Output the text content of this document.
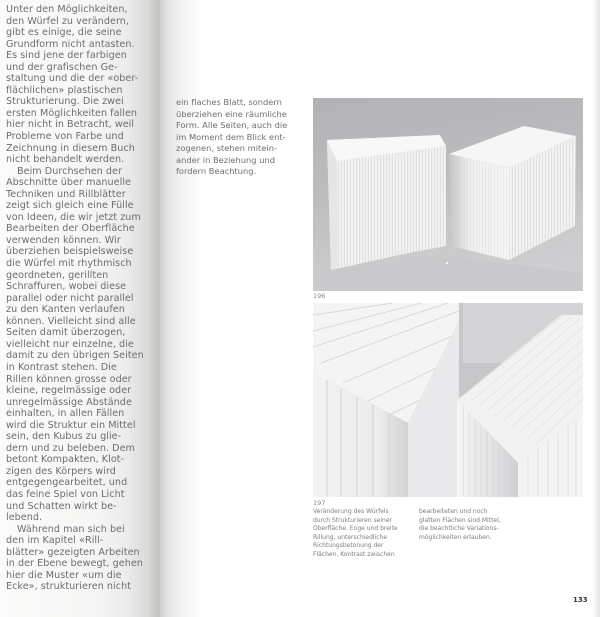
Unter den Möglichkeiten,
den Würfel zu verändern,
gibt es einige, die seine
Grundform nicht antasten.
Es sind jene der farbigen
und der grafischen Ge-
staltung und die der «ober-
flächlichen» plastischen
Strukturierung. Die zwei
ersten Möglichkeiten fallen
hier nicht in Betracht, weil
Probleme von Farbe und
Zeichnung in diesem Buch
nicht behandelt werden.
Beim Durchsehen der
Abschnitte über manuelle
Techniken und Rillblätter
zeigt sich gleich eine Fülle
von Ideen, die wir jetzt zum
Bearbeiten der Oberfläche
verwenden können. Wir
überziehen beispielsweise
die Würfel mit rhythmisch
geordneten, gerillten
Schraffuren, wobei diese
parallel oder nicht parallel
zu den Kanten verlaufen
können. Vielleicht sind alle
Seiten damit überzogen,
vielleicht nur einzelne, die
damit zu den übrigen Seiten
in Kontrast stehen. Die
Rillen können grosse oder
kleine, regelmässige oder
unregelmässige Abstände
einhalten, in allen Fällen
wird die Struktur ein Mittel
sein, den Kubus zu glie-
dern und zu beleben. Dem
betont Kompakten, Klot-
zigen des Körpers wird
entgegengearbeitet, und
das feine Spiel von Licht
und Schatten wirkt be-
lebend.
Während man sich bei
den im Kapitel «Rill-
blätter» gezeigten Arbeiten
in der Ebene bewegt, gehen
hier die Muster «um die
Ecke», strukturieren nicht
ein flaches Blatt, sondern
überziehen eine räumliche
Form. Alle Seiten, auch die
im Moment dem Blick ent-
zogenen, stehen mitein-
ander in Beziehung und
fordern Beachtung.
196
197
Veränderung des Würfels
durch Strukturieren seiner
Oberfläche. Enge und breite
Rillung, unterschiedliche
Richtungsbetonung der
Flächen, Kontrast zwischen
bearbeiteten und noch
glatten Flächen sind Mittel,
die beachtliche Variations-
möglichkeiten erlauben.
133
